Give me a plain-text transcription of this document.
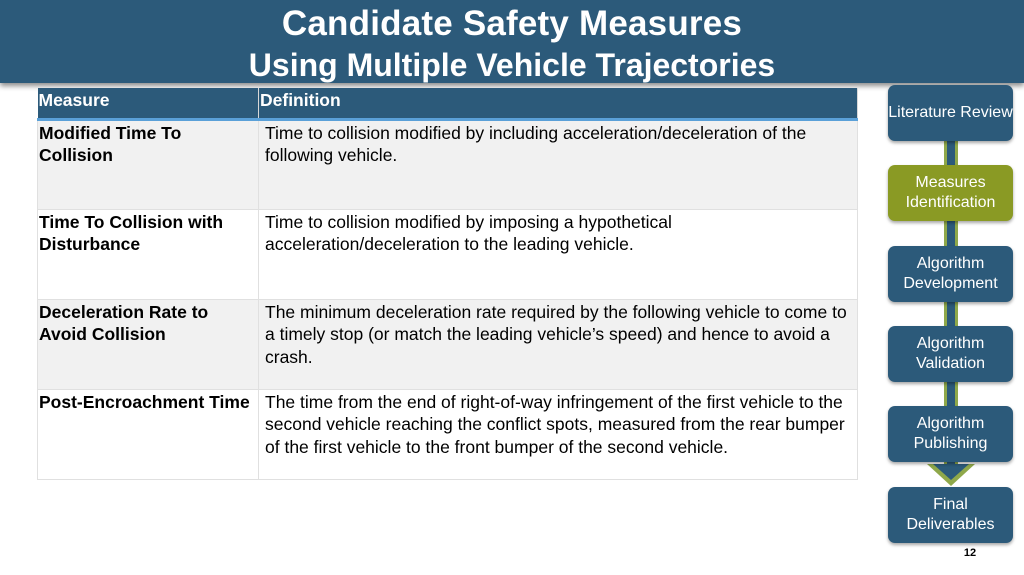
Candidate Safety Measures
Using Multiple Vehicle Trajectories
Measure	Definition
Modified Time To Collision	Time to collision modified by including acceleration/deceleration of the following vehicle.
Time To Collision with Disturbance	Time to collision modified by imposing a hypothetical acceleration/deceleration to the leading vehicle.
Deceleration Rate to Avoid Collision	The minimum deceleration rate required by the following vehicle to come to a timely stop (or match the leading vehicle’s speed) and hence to avoid a crash.
Post-Encroachment Time	The time from the end of right-of-way infringement of the first vehicle to the second vehicle reaching the conflict spots, measured from the rear bumper of the first vehicle to the front bumper of the second vehicle.
Literature Review
Measures Identification
Algorithm Development
Algorithm Validation
Algorithm Publishing
Final Deliverables
12
